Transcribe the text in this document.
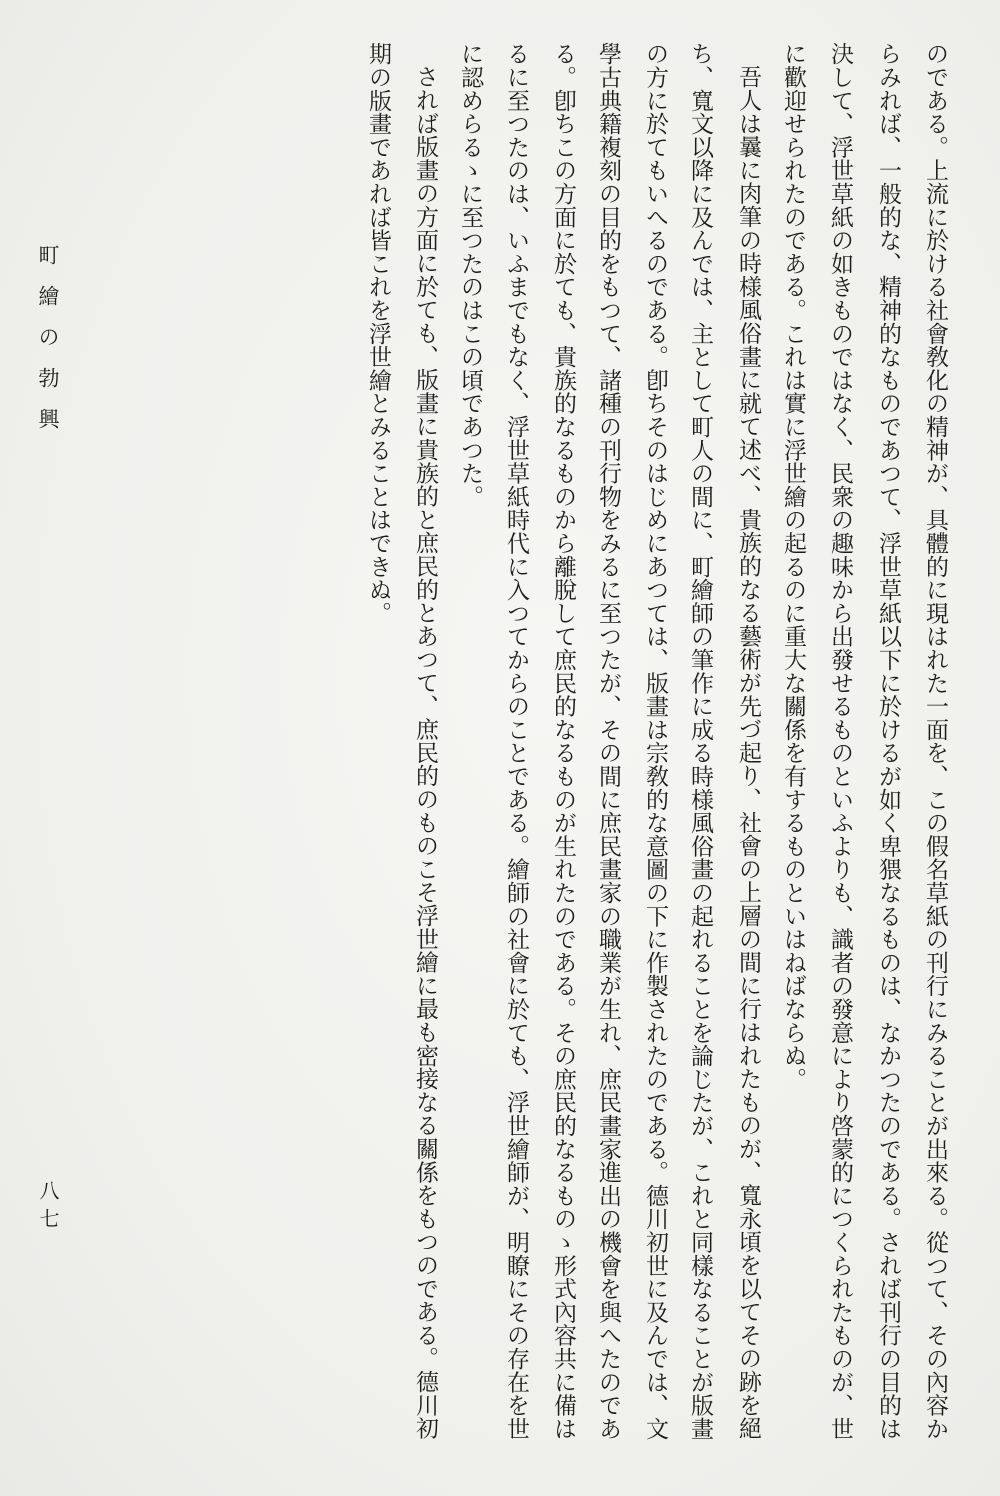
町繪の勃興
八七	のである。上流に於ける社會敎化の精神が、具體的に現はれた一面を、この假名草紙の刊行にみることが出來る。從つて、その內容か
らみれば、一般的な、精神的なものであつて、浮世草紙以下に於けるが如く卑猥なるものは、なかつたのである。されば刊行の目的は
決して、浮世草紙の如きものではなく、民衆の趣味から出發せるものといふよりも、識者の發意により啓蒙的につくられたものが、世
に歡迎せられたのである。これは實に浮世繪の起るのに重大な關係を有するものといはねばならぬ。
吾人は曩に肉筆の時様風俗畫に就て述べ、貴族的なる藝術が先づ起り、社會の上層の間に行はれたものが、寬永頃を以てその跡を絕
ち、寬文以降に及んでは、主として町人の間に、町繪師の筆作に成る時様風俗畫の起れることを論じたが、これと同樣なることが版畫
の方に於てもいへるのである。卽ちそのはじめにあつては、版畫は宗敎的な意圖の下に作製されたのである。德川初世に及んでは、文
學古典籍複刻の目的をもつて、諸種の刊行物をみるに至つたが、その間に庶民畫家の職業が生れ、庶民畫家進出の機會を與へたのであ
る。卽ちこの方面に於ても、貴族的なるものから離脫して庶民的なるものが生れたのである。その庶民的なるものゝ形式內容共に備は
るに至つたのは、いふまでもなく、浮世草紙時代に入つてからのことである。繪師の社會に於ても、浮世繪師が、明瞭にその存在を世
に認めらるゝに至つたのはこの頃であつた。
されば版畫の方面に於ても、版畫に貴族的と庶民的とあつて、庶民的のものこそ浮世繪に最も密接なる關係をもつのである。德川初
期の版畫であれば皆これを浮世繪とみることはできぬ。
